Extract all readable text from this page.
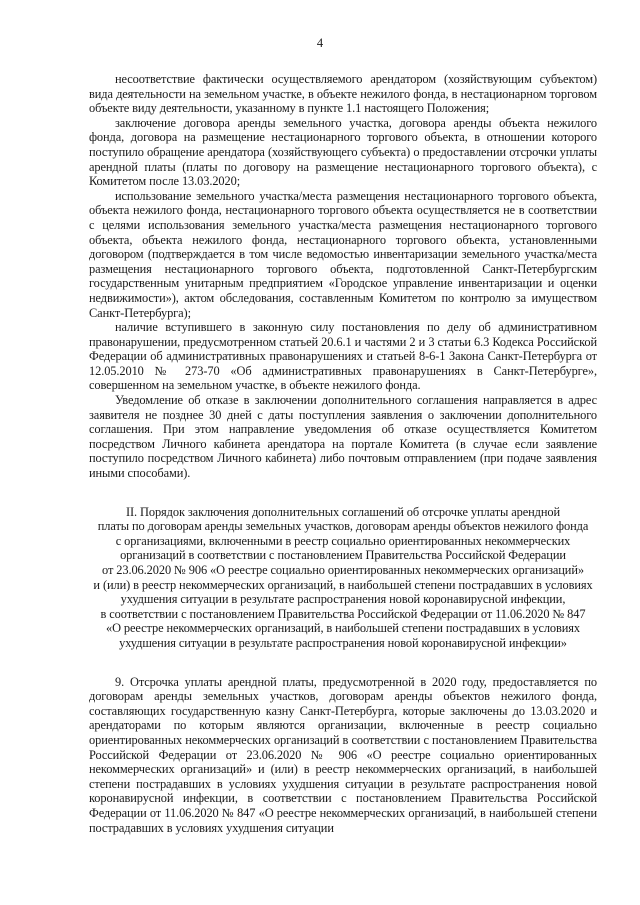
4

несоответствие фактически осуществляемого арендатором (хозяйствующим субъектом) вида деятельности на земельном участке, в объекте нежилого фонда, в нестационарном торговом объекте виду деятельности, указанному в пункте 1.1 настоящего Положения;

заключение договора аренды земельного участка, договора аренды объекта нежилого фонда, договора на размещение нестационарного торгового объекта, в отношении которого поступило обращение арендатора (хозяйствующего субъекта) о предоставлении отсрочки уплаты арендной платы (платы по договору на размещение нестационарного торгового объекта), с Комитетом после 13.03.2020;

использование земельного участка/места размещения нестационарного торгового объекта, объекта нежилого фонда, нестационарного торгового объекта осуществляется не в соответствии с целями использования земельного участка/места размещения нестационарного торгового объекта, объекта нежилого фонда, нестационарного торгового объекта, установленными договором (подтверждается в том числе ведомостью инвентаризации земельного участка/места размещения нестационарного торгового объекта, подготовленной Санкт-Петербургским государственным унитарным предприятием «Городское управление инвентаризации и оценки недвижимости»), актом обследования, составленным Комитетом по контролю за имуществом Санкт-Петербурга);

наличие вступившего в законную силу постановления по делу об административном правонарушении, предусмотренном статьей 20.6.1 и частями 2 и 3 статьи 6.3 Кодекса Российской Федерации об административных правонарушениях и статьей 8-6-1 Закона Санкт-Петербурга от 12.05.2010 № 273-70 «Об административных правонарушениях в Санкт-Петербурге», совершенном на земельном участке, в объекте нежилого фонда.

Уведомление об отказе в заключении дополнительного соглашения направляется в адрес заявителя не позднее 30 дней с даты поступления заявления о заключении дополнительного соглашения. При этом направление уведомления об отказе осуществляется Комитетом посредством Личного кабинета арендатора на портале Комитета (в случае если заявление поступило посредством Личного кабинета) либо почтовым отправлением (при подаче заявления иными способами).

II. Порядок заключения дополнительных соглашений об отсрочке уплаты арендной
платы по договорам аренды земельных участков, договорам аренды объектов нежилого фонда
с организациями, включенными в реестр социально ориентированных некоммерческих
организаций в соответствии с постановлением Правительства Российской Федерации
от 23.06.2020 № 906 «О реестре социально ориентированных некоммерческих организаций»
и (или) в реестр некоммерческих организаций, в наибольшей степени пострадавших в условиях
ухудшения ситуации в результате распространения новой коронавирусной инфекции,
в соответствии с постановлением Правительства Российской Федерации от 11.06.2020 № 847
«О реестре некоммерческих организаций, в наибольшей степени пострадавших в условиях
ухудшения ситуации в результате распространения новой коронавирусной инфекции»

9. Отсрочка уплаты арендной платы, предусмотренной в 2020 году, предоставляется по договорам аренды земельных участков, договорам аренды объектов нежилого фонда, составляющих государственную казну Санкт-Петербурга, которые заключены до 13.03.2020 и арендаторами по которым являются организации, включенные в реестр социально ориентированных некоммерческих организаций в соответствии с постановлением Правительства Российской Федерации от 23.06.2020 № 906 «О реестре социально ориентированных некоммерческих организаций» и (или) в реестр некоммерческих организаций, в наибольшей степени пострадавших в условиях ухудшения ситуации в результате распространения новой коронавирусной инфекции, в соответствии с постановлением Правительства Российской Федерации от 11.06.2020 № 847 «О реестре некоммерческих организаций, в наибольшей степени пострадавших в условиях ухудшения ситуации
